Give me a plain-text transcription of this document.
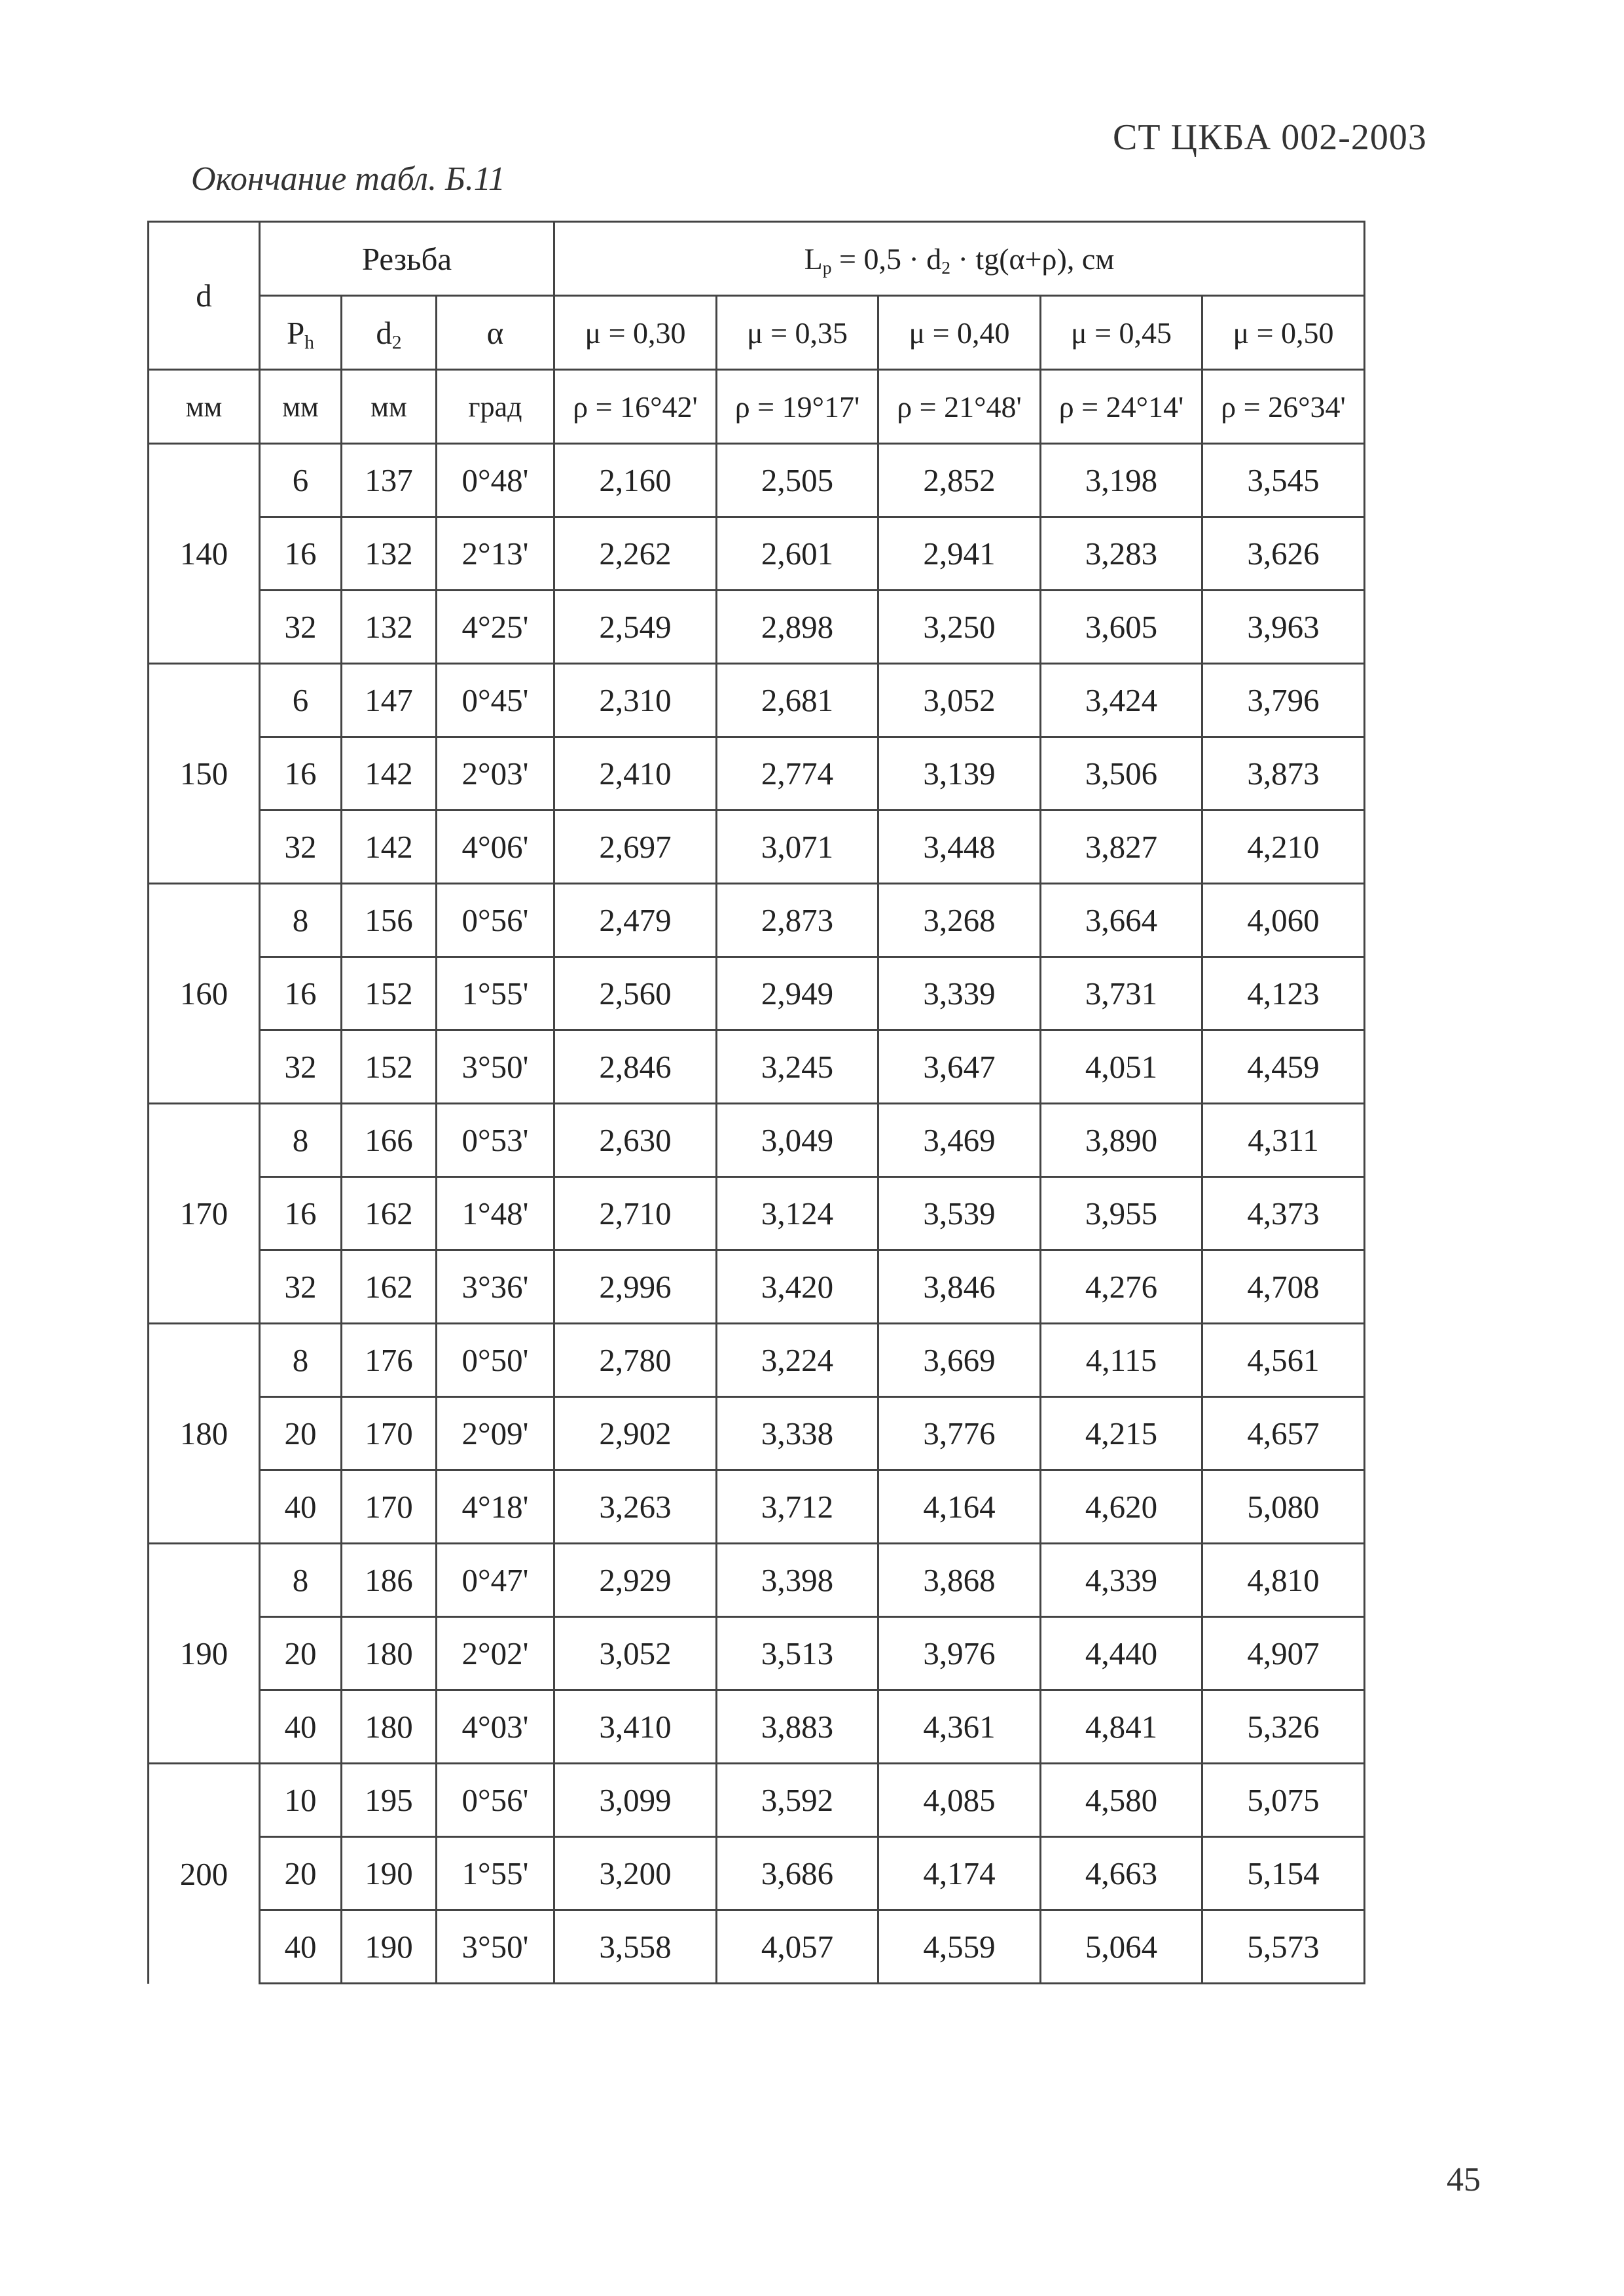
СТ ЦКБА 002-2003
Окончание табл. Б.11
d	Резьба			$L_p = 0,5 \cdot d_2 \cdot tg(\alpha+\rho)$, см				
	$P_h$	$d_2$	α	μ = 0,30	μ = 0,35	μ = 0,40	μ = 0,45	μ = 0,50
мм	мм	мм	град	ρ = 16°42'	ρ = 19°17'	ρ = 21°48'	ρ = 24°14'	ρ = 26°34'
140	6	137	0°48'	2,160	2,505	2,852	3,198	3,545
	16	132	2°13'	2,262	2,601	2,941	3,283	3,626
	32	132	4°25'	2,549	2,898	3,250	3,605	3,963
150	6	147	0°45'	2,310	2,681	3,052	3,424	3,796
	16	142	2°03'	2,410	2,774	3,139	3,506	3,873
	32	142	4°06'	2,697	3,071	3,448	3,827	4,210
160	8	156	0°56'	2,479	2,873	3,268	3,664	4,060
	16	152	1°55'	2,560	2,949	3,339	3,731	4,123
	32	152	3°50'	2,846	3,245	3,647	4,051	4,459
170	8	166	0°53'	2,630	3,049	3,469	3,890	4,311
	16	162	1°48'	2,710	3,124	3,539	3,955	4,373
	32	162	3°36'	2,996	3,420	3,846	4,276	4,708
180	8	176	0°50'	2,780	3,224	3,669	4,115	4,561
	20	170	2°09'	2,902	3,338	3,776	4,215	4,657
	40	170	4°18'	3,263	3,712	4,164	4,620	5,080
190	8	186	0°47'	2,929	3,398	3,868	4,339	4,810
	20	180	2°02'	3,052	3,513	3,976	4,440	4,907
	40	180	4°03'	3,410	3,883	4,361	4,841	5,326
200	10	195	0°56'	3,099	3,592	4,085	4,580	5,075
	20	190	1°55'	3,200	3,686	4,174	4,663	5,154
	40	190	3°50'	3,558	4,057	4,559	5,064	5,573
45
